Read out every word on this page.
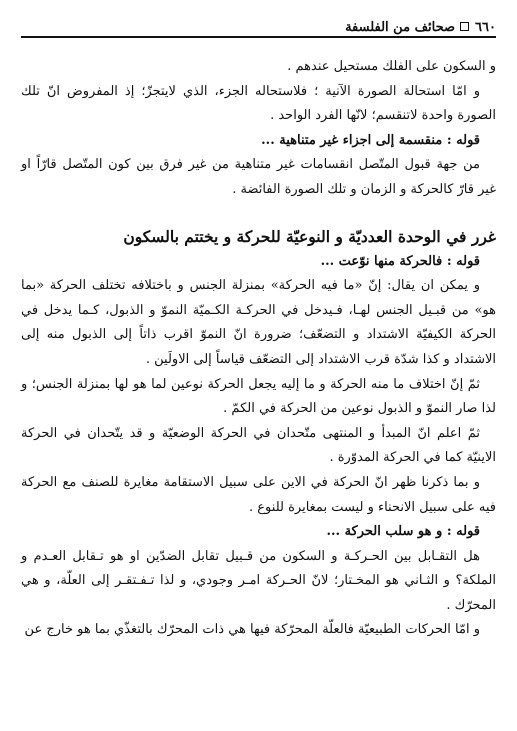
٦٦٠
صحائف من الفلسفة

و السكون على الفلك مستحيل عندهم .

و امّا استحالة الصورة الآنية ؛ فلاستحاله الجزء، الذي لايتجزّ؛ إذ المفروض انّ تلك الصورة واحدة لاتنقسم؛ لانّها الفرد الواحد .

قوله : منقسمة إلى اجزاء غير متناهية ...

من جهة قبول المتّصل انقسامات غير متناهية من غير فرق بين كون المتّصل قارّاً او غير قارّ كالحركة و الزمان و تلك الصورة الفائضة .

غرر في الوحدة العدديّة و النوعيّة للحركة و يختتم بالسكون

قوله : فالحركة منها نوّعت ...

و يمكن ان يقال: إنّ «ما فيه الحركة» بمنزلة الجنس و باختلافه تختلف الحركة «بما هو» من قبـيل الجنس لهـا، فـيدخل في الحركـة الكـميّة النموّ و الذبول، كـما يدخل في الحركة الكيفيّة الاشتداد و التضعّف؛ ضرورة انّ النموّ اقرب ذاتاً إلى الذبول منه إلى الاشتداد و كذا شدّة قرب الاشتداد إلى التضعّف قياساً إلى الاولَين .

ثمّ إنّ اختلاف ما منه الحركة و ما إليه يجعل الحركة نوعين لما هو لها بمنزلة الجنس؛ و لذا صار النموّ و الذبول نوعين من الحركة في الكمّ .

ثمّ اعلم انّ المبدأ و المنتهى متّحدان في الحركة الوضعيّة و قد يتّحدان في الحركة الاينيّة كما في الحركة المدوّرة .

و بما ذكرنا ظهر انّ الحركة في الاين على سبيل الاستقامة مغايرة للصنف مع الحركة فيه على سبيل الانحناء و ليست بمغايرة للنوع .

قوله : و هو سلب الحركة ...

هل التقـابل بين الحـركـة و السكون من قـبيل تقابل الضدّين او هو تـقابل العـدم و الملكة؟ و الثـاني هو المخـتار؛ لانّ الحـركة امـر وجودي، و لذا تـفـتقـر إلى العلّة، و هي المحرّك .

و امّا الحركات الطبيعيّة فالعلّة المحرّكة فيها هي ذات المحرّك بالتغذّي بما هو خارج عن
